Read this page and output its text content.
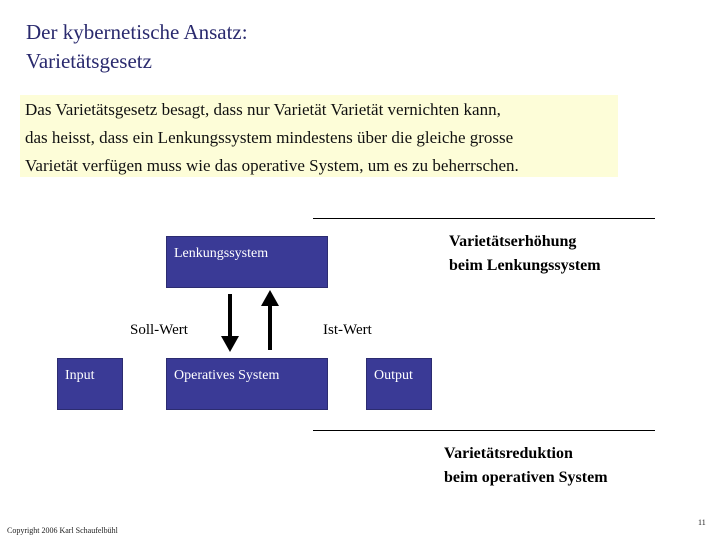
Der kybernetische Ansatz:
Varietätsgesetz

Das Varietätsgesetz besagt, dass nur Varietät Varietät vernichten kann,

das heisst, dass ein Lenkungssystem mindestens über die gleiche grosse

Varietät verfügen muss wie das operative System, um es zu beherrschen.

Lenkungssystem
Input	Operatives System	Output
Soll-Wert	Ist-Wert
Varietätserhöhung
beim Lenkungssystem
Varietätsreduktion
beim operativen System
Copyright 2006 Karl Schaufelbühl
11
